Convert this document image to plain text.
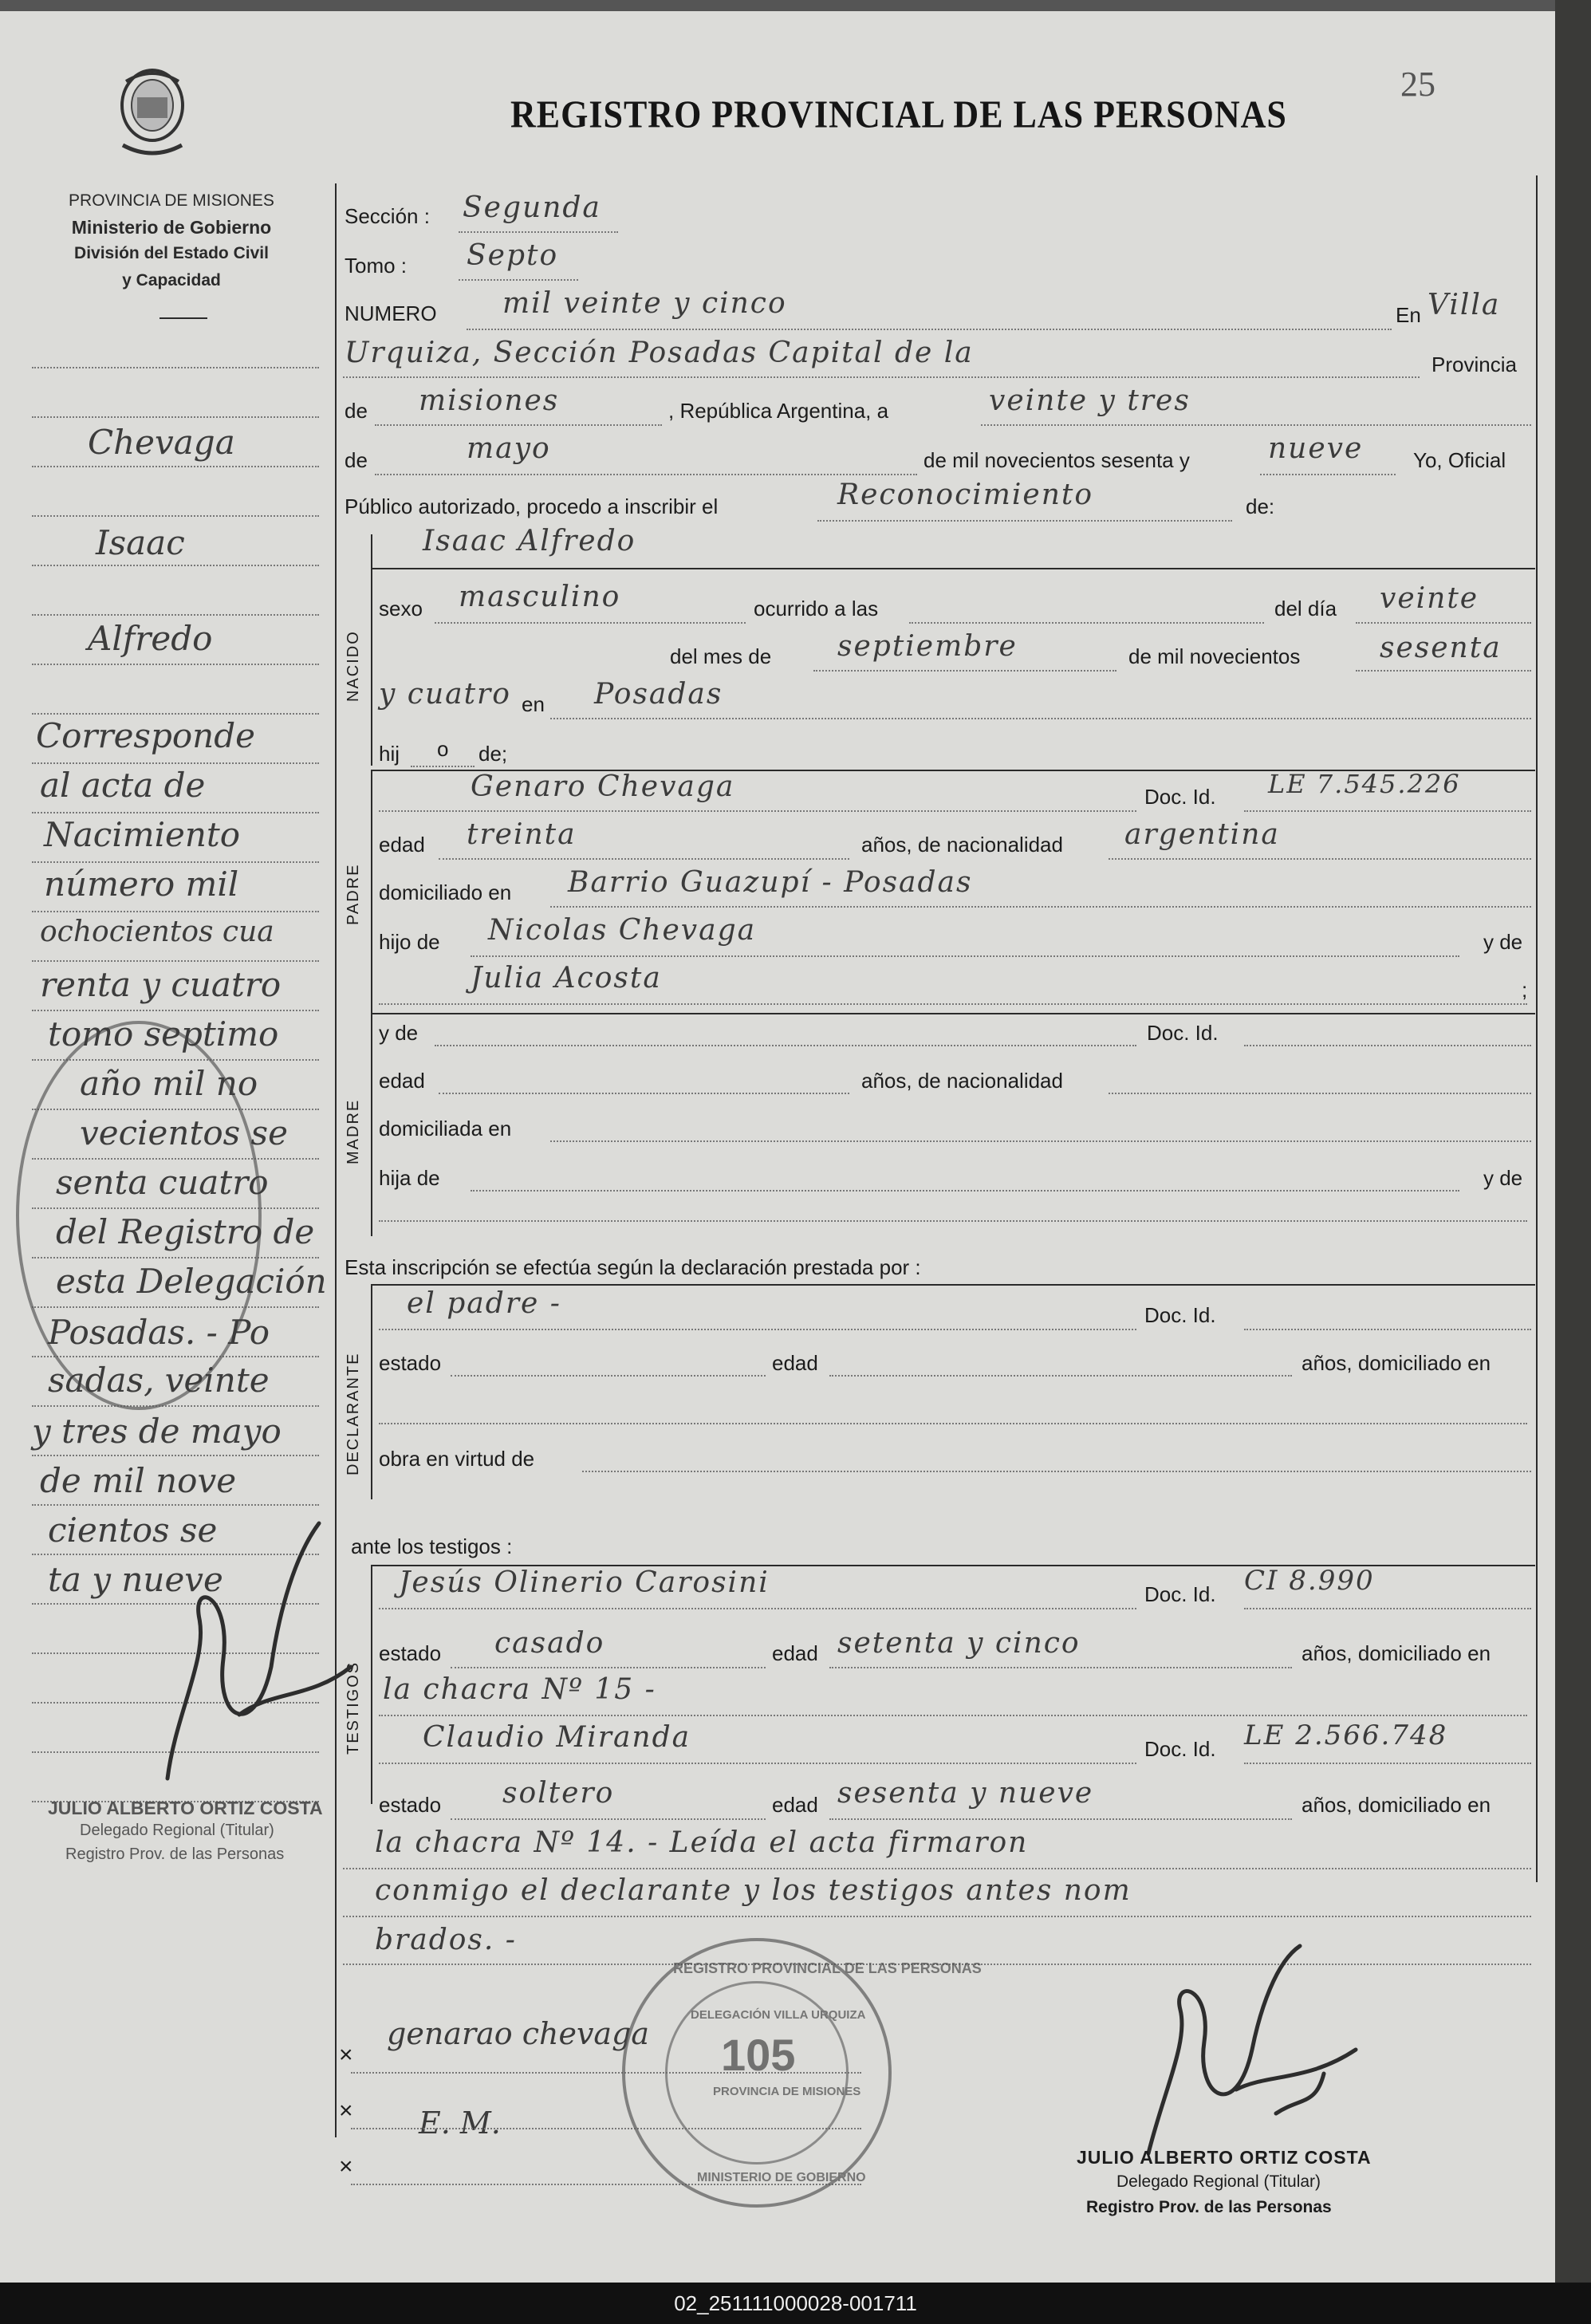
PROVINCIA DE MISIONES
Ministerio de Gobierno
División del Estado Civil
y Capacidad
REGISTRO PROVINCIAL DE LAS PERSONAS
25
Sección : Segunda
Tomo : Septo
NUMERO mil veinte y cinco	En Villa
Urquiza, Sección Posadas Capital de la	Provincia
de misiones	, República Argentina, a	veinte y tres
de	mayo	de mil novecientos sesenta y	nueve Yo, Oficial
Público autorizado, procedo a inscribir el	Reconocimiento	de:
NACIDO
Isaac Alfredo
sexo masculino	ocurrido a las	del día veinte
del mes de septiembre	de mil novecientos	sesenta
y cuatro en Posadas
hij o de;
PADRE
Genaro Chevaga	Doc. Id. LE 7.545.226
edad treinta	años, de nacionalidad argentina
domiciliado en Barrio Guazupí - Posadas
hijo de Nicolas Chevaga	y de
Julia Acosta	;
MADRE
y de	Doc. Id.
edad	años, de nacionalidad
domiciliada en
hija de	y de
Esta inscripción se efectúa según la declaración prestada por :
DECLARANTE
el padre -	Doc. Id.
estado	edad	años, domiciliado en
obra en virtud de
ante los testigos :
TESTIGOS
Jesús Olinerio Carosini	Doc. Id. CI 8.990
estado casado	edad setenta y cinco	años, domiciliado en
la chacra Nº 15 -
Claudio Miranda	Doc. Id. LE 2.566.748
estado soltero	edad sesenta y nueve	años, domiciliado en
la chacra Nº 14. - Leída el acta firmaron
conmigo el declarante y los testigos antes nom
brados. -
genarao chevaga
E. M.
×
×
×	JULIO ALBERTO ORTIZ COSTA
Delegado Regional (Titular)
Registro Prov. de las Personas
REGISTRO PROVINCIAL DE LAS PERSONAS
DELEGACIÓN VILLA URQUIZA
PROVINCIA DE MISIONES
MINISTERIO DE GOBIERNO
105
JULIO ALBERTO ORTIZ COSTA
Delegado Regional (Titular)
Registro Prov. de las Personas
Chevaga
Isaac
Alfredo
Corresponde
al acta de
Nacimiento
número mil
ochocientos cua
renta y cuatro
tomo septimo
año mil no
vecientos se
senta cuatro
del Registro de
esta Delegación
Posadas. - Po
sadas, veinte
y tres de mayo
de mil nove
cientos se
ta y nueve
02_251111000028-001711
